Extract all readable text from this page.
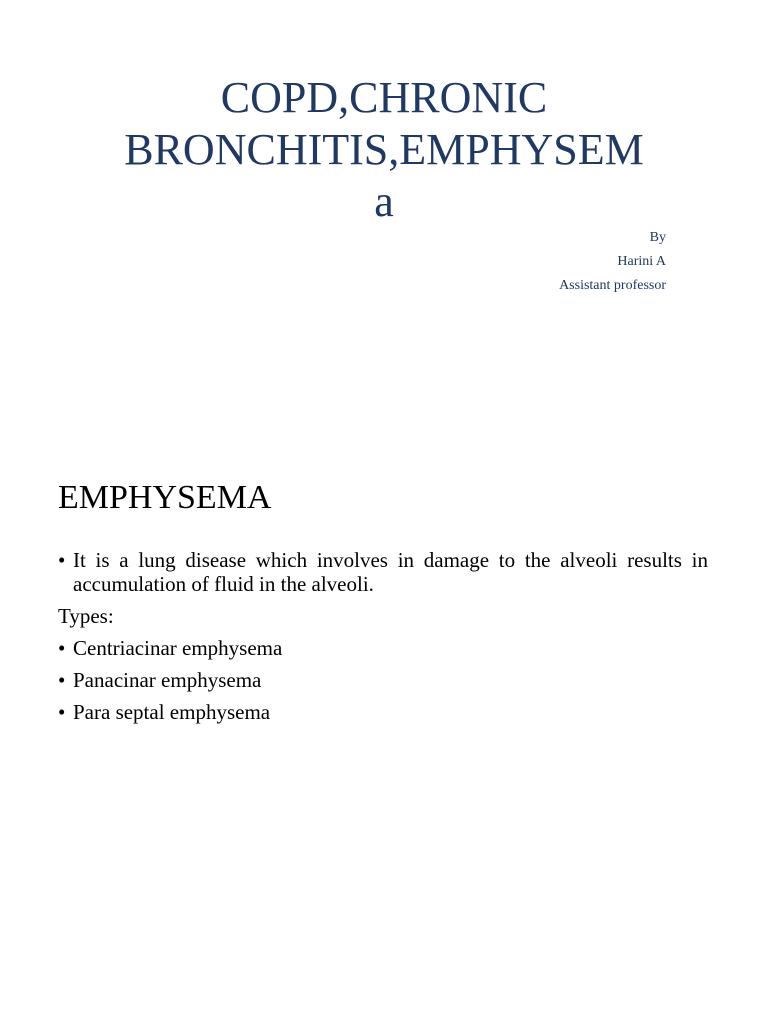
COPD,CHRONIC
BRONCHITIS,EMPHYSEM
a
By
Harini A
Assistant professor
EMPHYSEMA
• It is a lung disease which involves in damage to the alveoli results in accumulation of fluid in the alveoli.
Types:
• Centriacinar emphysema
• Panacinar emphysema
• Para septal emphysema
